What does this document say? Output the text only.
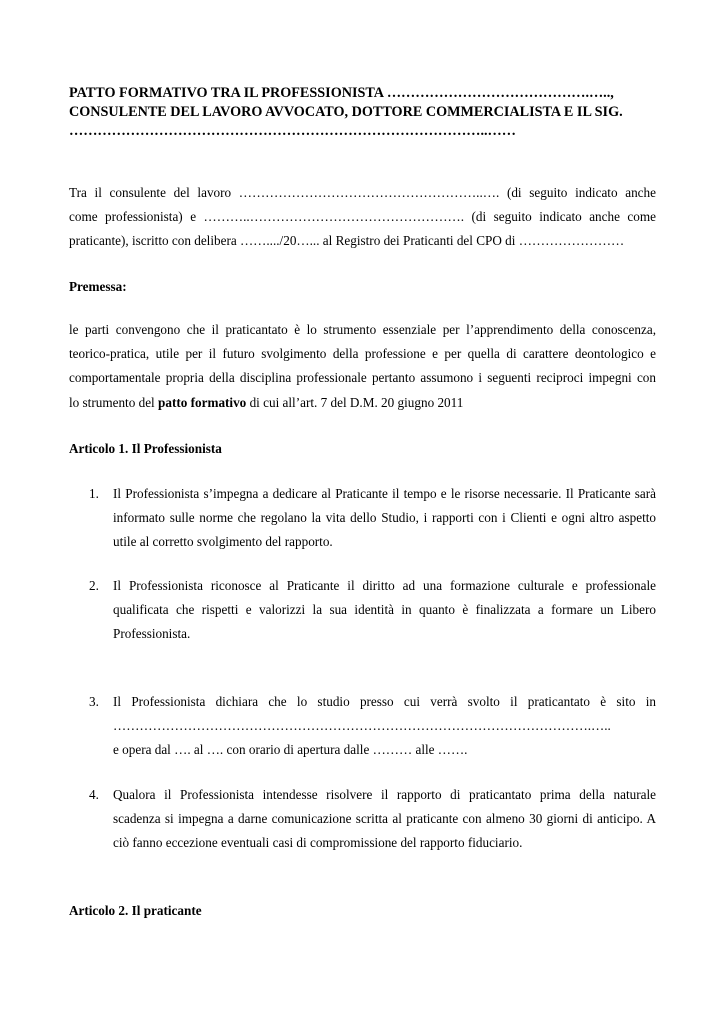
PATTO FORMATIVO TRA IL PROFESSIONISTA …………………………………….…..,
CONSULENTE DEL LAVORO AVVOCATO, DOTTORE COMMERCIALISTA E IL SIG.
……………………………………………………………………………..……

Tra il consulente del lavoro ………………………………………………..…. (di seguito indicato anche
come professionista) e ………..…………………………………………. (di seguito indicato anche come
praticante), iscritto con delibera ……..../20…... al Registro dei Praticanti del CPO di ……………………

Premessa:

le parti convengono che il praticantato è lo strumento essenziale per l’apprendimento della conoscenza,
teorico-pratica, utile per il futuro svolgimento della professione e per quella di carattere deontologico e
comportamentale propria della disciplina professionale pertanto assumono i seguenti reciproci impegni con
lo strumento del patto formativo di cui all’art. 7 del D.M. 20 giugno 2011

Articolo 1. Il Professionista

1. Il Professionista s’impegna a dedicare al Praticante il tempo e le risorse necessarie. Il Praticante sarà
informato sulle norme che regolano la vita dello Studio, i rapporti con i Clienti e ogni altro aspetto
utile al corretto svolgimento del rapporto.
2. Il Professionista riconosce al Praticante il diritto ad una formazione culturale e professionale
qualificata che rispetti e valorizzi la sua identità in quanto è finalizzata a formare un Libero
Professionista.
3. Il Professionista dichiara che lo studio presso cui verrà svolto il praticantato è sito in
……………………………………………………………………………………………….…..
e opera dal …. al …. con orario di apertura dalle ……… alle …….
4. Qualora il Professionista intendesse risolvere il rapporto di praticantato prima della naturale
scadenza si impegna a darne comunicazione scritta al praticante con almeno 30 giorni di anticipo. A
ciò fanno eccezione eventuali casi di compromissione del rapporto fiduciario.

Articolo 2. Il praticante
